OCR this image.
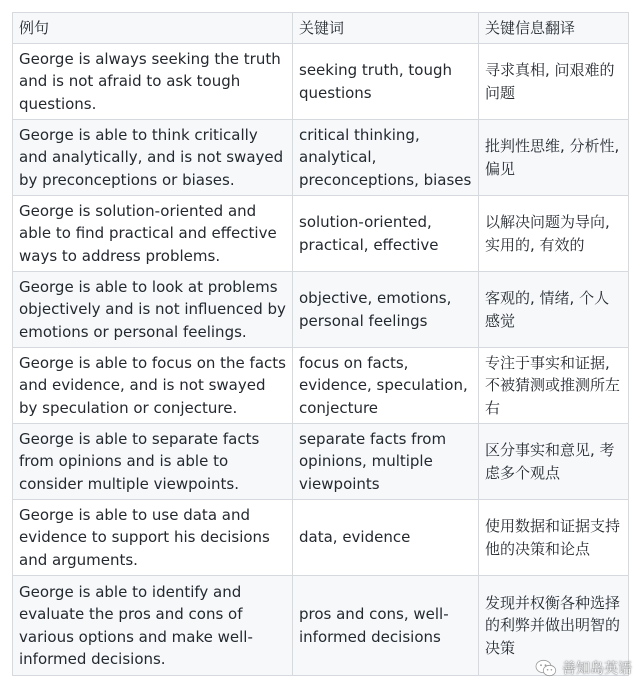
例句	关键词	关键信息翻译
George is always seeking the truth and is not afraid to ask tough questions.	seeking truth, tough questions	寻求真相, 问艰难的问题
George is able to think critically and analytically, and is not swayed by preconceptions or biases.	critical thinking, analytical, preconceptions, biases	批判性思维, 分析性, 偏见
George is solution-oriented and able to find practical and effective ways to address problems.	solution-oriented, practical, effective	以解决问题为导向, 实用的, 有效的
George is able to look at problems objectively and is not influenced by emotions or personal feelings.	objective, emotions, personal feelings	客观的, 情绪, 个人感觉
George is able to focus on the facts and evidence, and is not swayed by speculation or conjecture.	focus on facts, evidence, speculation, conjecture	专注于事实和证据, 不被猜测或推测所左右
George is able to separate facts from opinions and is able to consider multiple viewpoints.	separate facts from opinions, multiple viewpoints	区分事实和意见, 考虑多个观点
George is able to use data and evidence to support his decisions and arguments.	data, evidence	使用数据和证据支持他的决策和论点
George is able to identify and evaluate the pros and cons of various options and make well-informed decisions.	pros and cons, well-informed decisions	发现并权衡各种选择的利弊并做出明智的决策
善知岛英语
